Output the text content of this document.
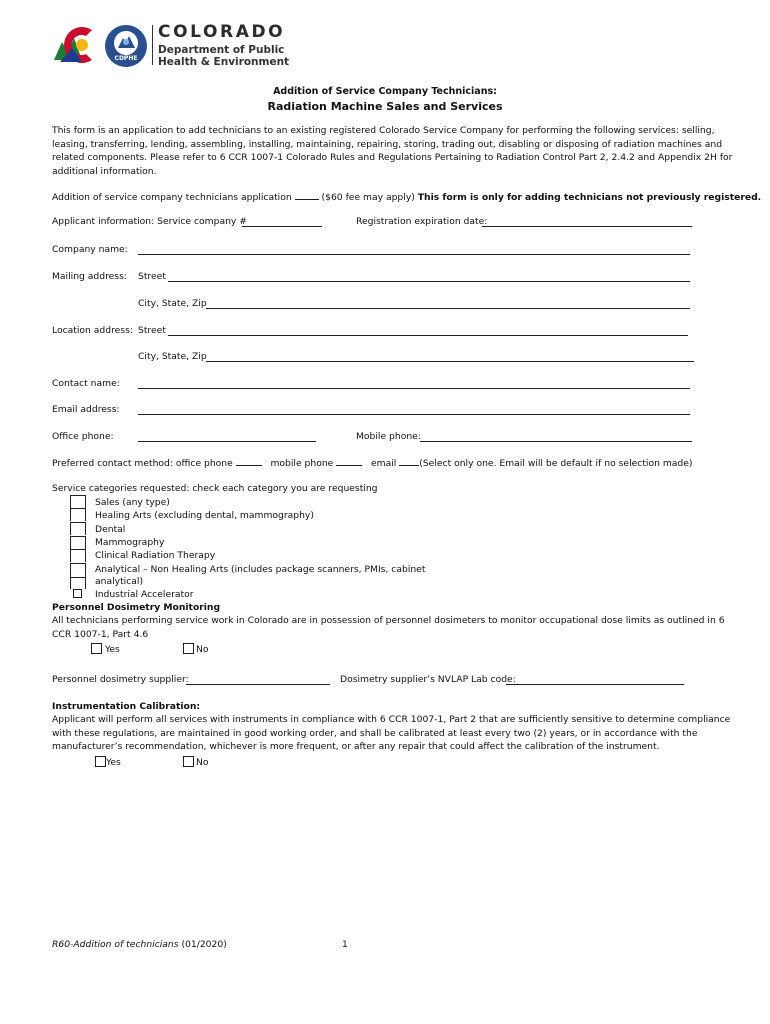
CDPHE
COLORADO
Department of Public
Health & Environment
Addition of Service Company Technicians:
Radiation Machine Sales and Services
This form is an application to add technicians to an existing registered Colorado Service Company for performing the following services: selling,
leasing, transferring, lending, assembling, installing, maintaining, repairing, storing, trading out, disabling or disposing of radiation machines and
related components. Please refer to 6 CCR 1007-1 Colorado Rules and Regulations Pertaining to Radiation Control Part 2, 2.4.2 and Appendix 2H for
additional information.
Addition of service company technicians application	($60 fee may apply) This form is only for adding technicians not previously registered.
Applicant information: Service company #	Registration expiration date:
Company name:
Mailing address: Street
City, State, Zip
Location address: Street
City, State, Zip
Contact name:
Email address:
Office phone:	Mobile phone:
Preferred contact method: office phone	mobile phone	email (Select only one. Email will be default if no selection made)
Service categories requested: check each category you are requesting
Sales (any type)
Healing Arts (excluding dental, mammography)
Dental
Mammography
Clinical Radiation Therapy
Analytical – Non Healing Arts (includes package scanners, PMIs, cabinet
analytical)
Industrial Accelerator
Personnel Dosimetry Monitoring
All technicians performing service work in Colorado are in possession of personnel dosimeters to monitor occupational dose limits as outlined in 6
CCR 1007-1, Part 4.6
Yes	No
Personnel dosimetry supplier:	Dosimetry supplier’s NVLAP Lab code:
Instrumentation Calibration:
Applicant will perform all services with instruments in compliance with 6 CCR 1007-1, Part 2 that are sufficiently sensitive to determine compliance
with these regulations, are maintained in good working order, and shall be calibrated at least every two (2) years, or in accordance with the
manufacturer’s recommendation, whichever is more frequent, or after any repair that could affect the calibration of the instrument.
Yes	No
R60-Addition of technicians (01/2020)	1
